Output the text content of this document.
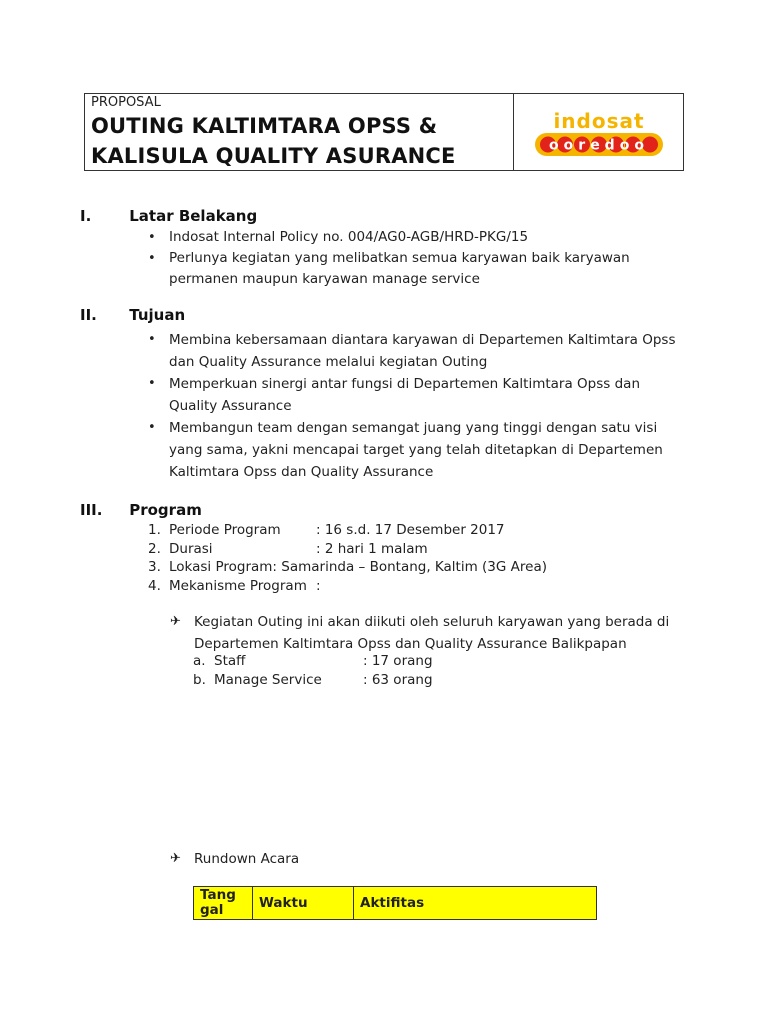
PROPOSAL
OUTING KALTIMTARA OPSS &
KALISULA QUALITY ASURANCE
indosat
ooredoo
I.	Latar Belakang
• Indosat Internal Policy no. 004/AG0-AGB/HRD-PKG/15
• Perlunya kegiatan yang melibatkan semua karyawan baik karyawan
permanen maupun karyawan manage service
II. Tujuan
• Membina kebersamaan diantara karyawan di Departemen Kaltimtara Opss
dan Quality Assurance melalui kegiatan Outing
• Memperkuan sinergi antar fungsi di Departemen Kaltimtara Opss dan
Quality Assurance
• Membangun team dengan semangat juang yang tinggi dengan satu visi
yang sama, yakni mencapai target yang telah ditetapkan di Departemen
Kaltimtara Opss dan Quality Assurance
III. Program
1. Periode Program	: 16 s.d. 17 Desember 2017
2. Durasi	: 2 hari 1 malam
3. Lokasi Program: Samarinda – Bontang, Kaltim (3G Area)
4. Mekanisme Program :
✈ Kegiatan Outing ini akan diikuti oleh seluruh karyawan yang berada di
Departemen Kaltimtara Opss dan Quality Assurance Balikpapan
a. Staff	: 17 orang
b. Manage Service	: 63 orang
✈ Rundown Acara
Tang gal	Waktu	Aktifitas
